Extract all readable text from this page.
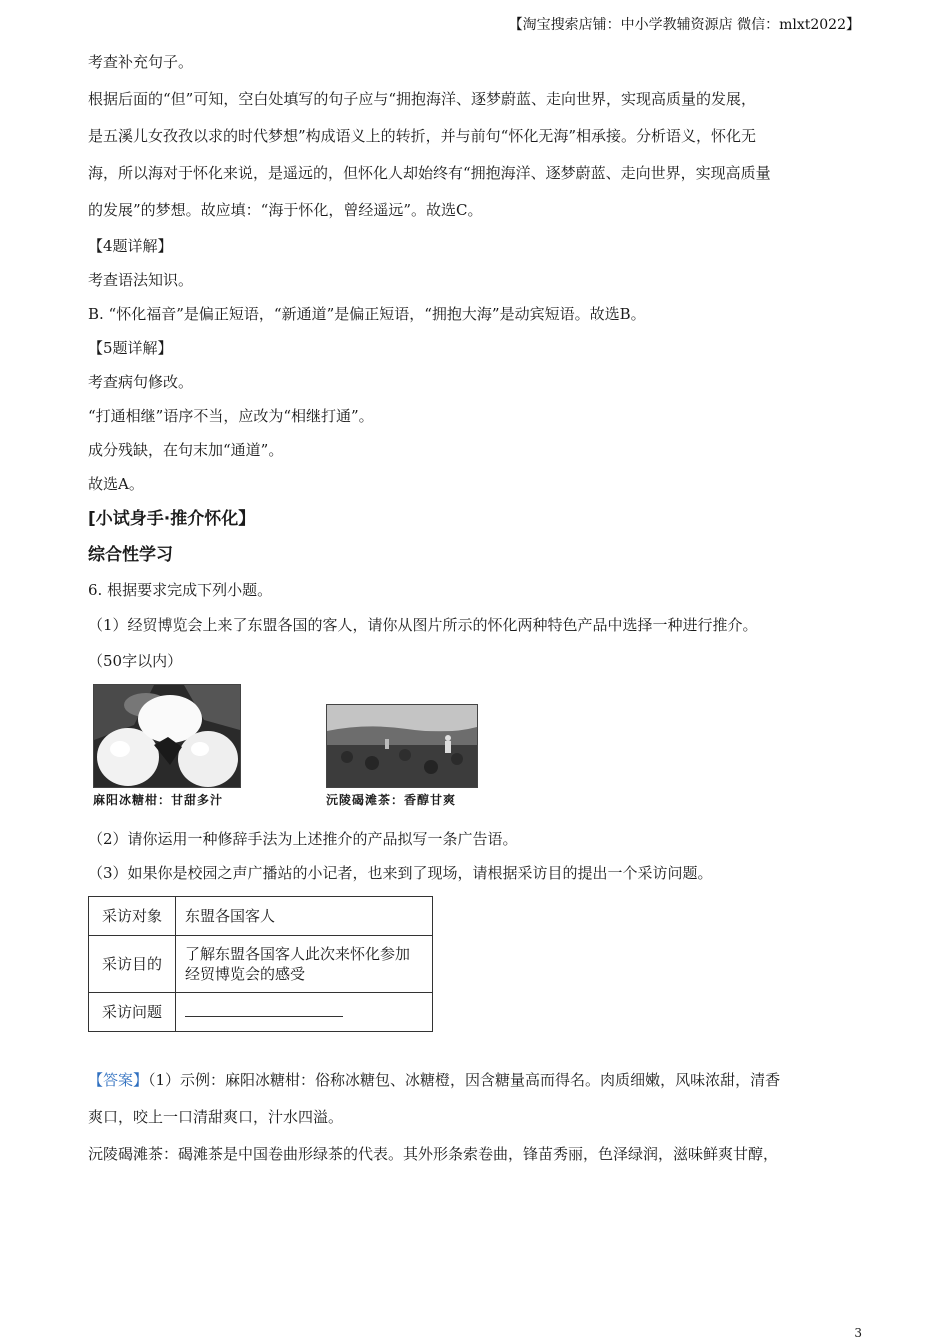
【淘宝搜索店铺：中小学教辅资源店 微信：mlxt2022】

考查补充句子。

根据后面的“但”可知，空白处填写的句子应与“拥抱海洋、逐梦蔚蓝、走向世界，实现高质量的发展，

是五溪儿女孜孜以求的时代梦想”构成语义上的转折，并与前句“怀化无海”相承接。分析语义，怀化无

海，所以海对于怀化来说，是遥远的，但怀化人却始终有“拥抱海洋、逐梦蔚蓝、走向世界，实现高质量

的发展”的梦想。故应填：“海于怀化，曾经遥远”。故选C。

【4题详解】

考查语法知识。

B. “怀化福音”是偏正短语，“新通道”是偏正短语，“拥抱大海”是动宾短语。故选B。

【5题详解】

考查病句修改。

“打通相继”语序不当，应改为“相继打通”。

成分残缺，在句末加“通道”。

故选A。

[小试身手·推介怀化】

综合性学习

6. 根据要求完成下列小题。

（1）经贸博览会上来了东盟各国的客人，请你从图片所示的怀化两种特色产品中选择一种进行推介。

（50字以内）

麻阳冰糖柑：甘甜多汁	沅陵碣滩茶：香醇甘爽

（2）请你运用一种修辞手法为上述推介的产品拟写一条广告语。

（3）如果你是校园之声广播站的小记者，也来到了现场，请根据采访目的提出一个采访问题。

采访对象	东盟各国客人
采访目的	了解东盟各国客人此次来怀化参加经贸博览会的感受
采访问题	

【答案】（1）示例：麻阳冰糖柑：俗称冰糖包、冰糖橙，因含糖量高而得名。肉质细嫩，风味浓甜，清香

爽口，咬上一口清甜爽口，汁水四溢。

沅陵碣滩茶：碣滩茶是中国卷曲形绿茶的代表。其外形条索卷曲，锋苗秀丽，色泽绿润，滋味鲜爽甘醇，

3
